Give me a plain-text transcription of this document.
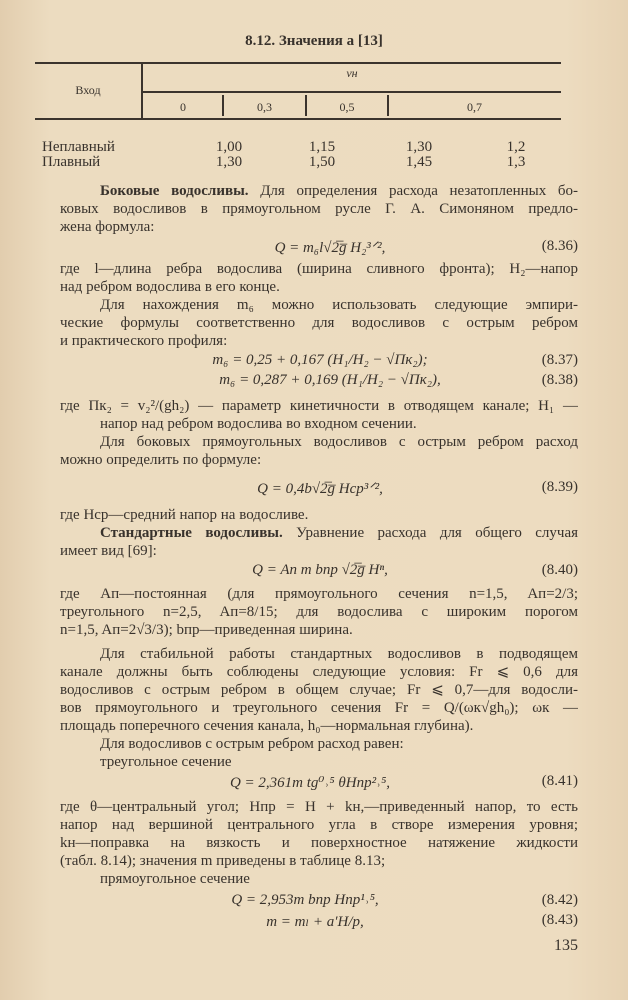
8.12. Значения a [13]
Вход
vн
0	0,3	0,5	0,7
Неплавный	1,00	1,15	1,30	1,2
Плавный	1,30	1,50	1,45	1,3
Боковые водосливы. Для определения расхода незатопленных бо-
ковых водосливов в прямоугольном русле Г. А. Симоняном предло-
жена формула:
Q = m₆l√2̅g̅ H₂³ᐟ²,	(8.36)
где l—длина ребра водослива (ширина сливного фронта); H₂—напор
над ребром водослива в его конце.
Для нахождения m₆ можно использовать следующие эмпири-
ческие формулы соответственно для водосливов с острым ребром
и практического профиля:
m₆ = 0,25 + 0,167 (H₁/H₂ − √Пк₂);	(8.37)
m₆ = 0,287 + 0,169 (H₁/H₂ − √Пк₂),	(8.38)
где Пк₂ = v₂²/(gh₂) — параметр кинетичности в отводящем канале; H₁ —
напор над ребром водослива во входном сечении.
Для боковых прямоугольных водосливов с острым ребром расход
можно определить по формуле:
Q = 0,4b√2̅g̅ Hср³ᐟ²,	(8.39)
где Hср—средний напор на водосливе.
Стандартные водосливы. Уравнение расхода для общего случая
имеет вид [69]:
Q = Aп m bпр √2̅g̅ Hⁿ,	(8.40)
где Aп—постоянная (для прямоугольного сечения n=1,5, Aп=2/3;
треугольного n=2,5, Aп=8/15; для водослива с широким порогом
n=1,5, Aп=2√3/3); bпр—приведенная ширина.
Для стабильной работы стандартных водосливов в подводящем
канале должны быть соблюдены следующие условия: Fr ⩽ 0,6 для
водосливов с острым ребром в общем случае; Fr ⩽ 0,7—для водосли-
вов прямоугольного и треугольного сечения Fr = Q/(ωк√gh₀); ωк —
площадь поперечного сечения канала, h₀—нормальная глубина).
Для водосливов с острым ребром расход равен:
треугольное сечение
Q = 2,361m tg⁰˒⁵ θHпр²˒⁵,	(8.41)
где θ—центральный угол; Hпр = H + kн,—приведенный напор, то есть
напор над вершиной центрального угла в створе измерения уровня;
kн—поправка на вязкость и поверхностное натяжение жидкости
(табл. 8.14); значения m приведены в таблице 8.13;
прямоугольное сечение
Q = 2,953m bпр Hпр¹˒⁵,	(8.42)
m = mₗ + a′H/p,	(8.43)
135
